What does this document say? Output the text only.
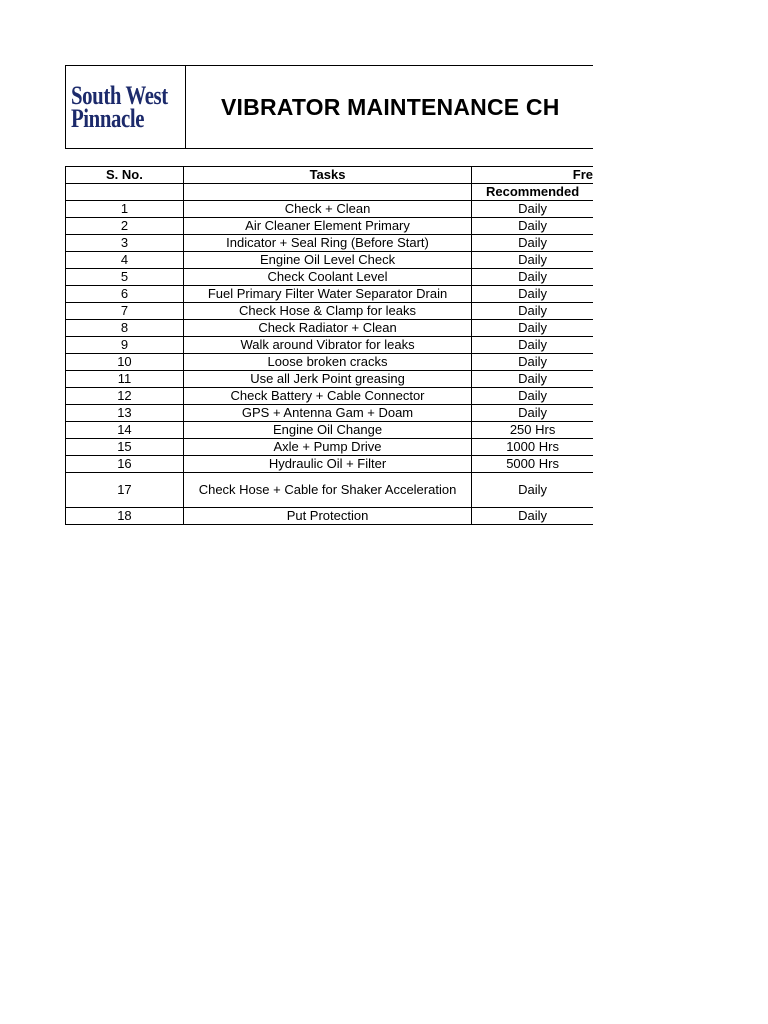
South West
Pinnacle	VIBRATOR MAINTENANCE CH
S. No.	Tasks	Fre
		Recommended
1	Check + Clean	Daily
2	Air Cleaner Element Primary	Daily
3	Indicator + Seal Ring (Before Start)	Daily
4	Engine Oil Level Check	Daily
5	Check Coolant Level	Daily
6	Fuel Primary Filter Water Separator Drain	Daily
7	Check Hose & Clamp for leaks	Daily
8	Check Radiator + Clean	Daily
9	Walk around Vibrator for leaks	Daily
10	Loose broken cracks	Daily
11	Use all Jerk Point greasing	Daily
12	Check Battery + Cable Connector	Daily
13	GPS + Antenna Gam + Doam	Daily
14	Engine Oil Change	250 Hrs
15	Axle + Pump Drive	1000 Hrs
16	Hydraulic Oil + Filter	5000 Hrs
17	Check Hose + Cable for Shaker Acceleration	Daily
18	Put Protection	Daily
